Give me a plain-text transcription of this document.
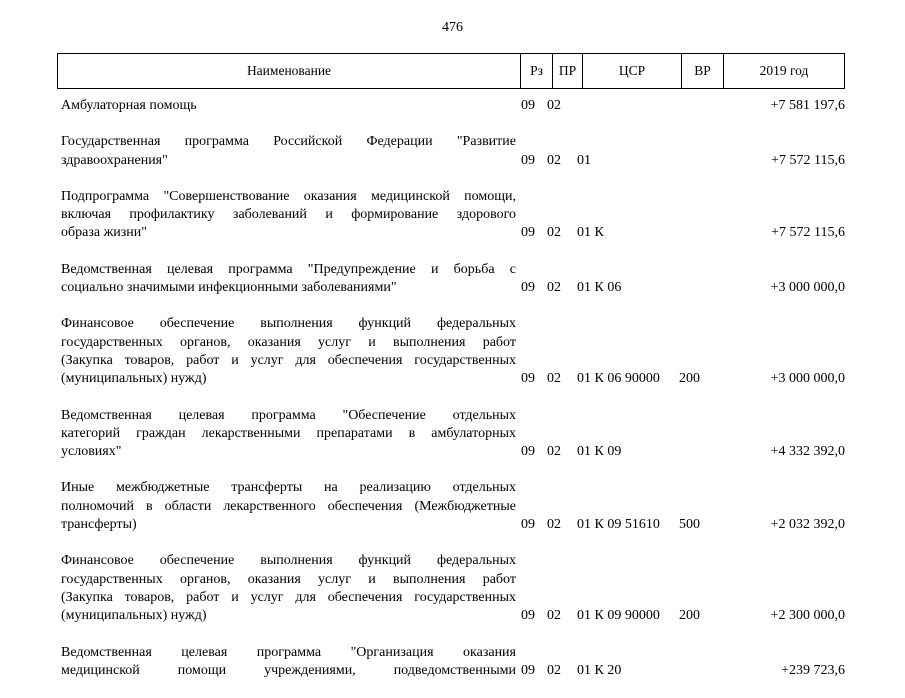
476
Наименование	Рз	ПР	ЦСР	ВР	2019 год
Амбулаторная помощь	09 02	+7 581 197,6
Государственная программа Российской Федерации "Развитие
здравоохранения"	09 02	01	+7 572 115,6
Подпрограмма "Совершенствование оказания медицинской помощи,
включая профилактику заболеваний и формирование здорового
образа жизни"	09 02	01 К	+7 572 115,6
Ведомственная целевая программа "Предупреждение и борьба с
социально значимыми инфекционными заболеваниями"	09 02	01 К 06	+3 000 000,0
Финансовое обеспечение выполнения функций федеральных
государственных органов, оказания услуг и выполнения работ
(Закупка товаров, работ и услуг для обеспечения государственных
(муниципальных) нужд)	09 02	01 К 06 90000	200	+3 000 000,0
Ведомственная целевая программа "Обеспечение отдельных
категорий граждан лекарственными препаратами в амбулаторных
условиях"	09 02	01 К 09	+4 332 392,0
Иные межбюджетные трансферты на реализацию отдельных
полномочий в области лекарственного обеспечения (Межбюджетные
трансферты)	09 02	01 К 09 51610	500	+2 032 392,0
Финансовое обеспечение выполнения функций федеральных
государственных органов, оказания услуг и выполнения работ
(Закупка товаров, работ и услуг для обеспечения государственных
(муниципальных) нужд)	09 02	01 К 09 90000	200	+2 300 000,0
Ведомственная целевая программа "Организация оказания
медицинской помощи учреждениями, подведомственными 09 02	01 К 20	+239 723,6
